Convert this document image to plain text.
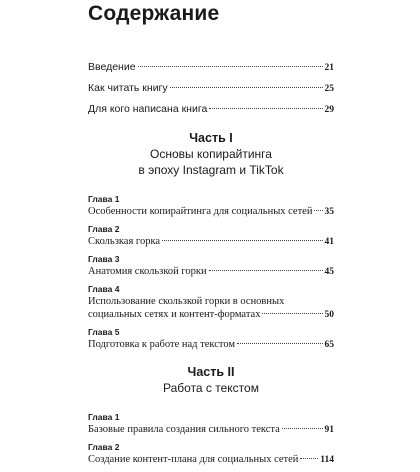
Содержание
Введение	21
Как читать книгу	25
Для кого написана книга	29
Часть I
Основы копирайтинга
в эпоху Instagram и TikTok
Глава 1
Особенности копирайтинга для социальных сетей 35
Глава 2
Скользкая горка	41
Глава 3
Анатомия скользкой горки	45
Глава 4
Использование скользкой горки в основных
социальных сетях и контент-форматах	50
Глава 5
Подготовка к работе над текстом	65
Часть II
Работа с текстом
Глава 1
Базовые правила создания сильного текста	91
Глава 2
Создание контент-плана для социальных сетей 114
